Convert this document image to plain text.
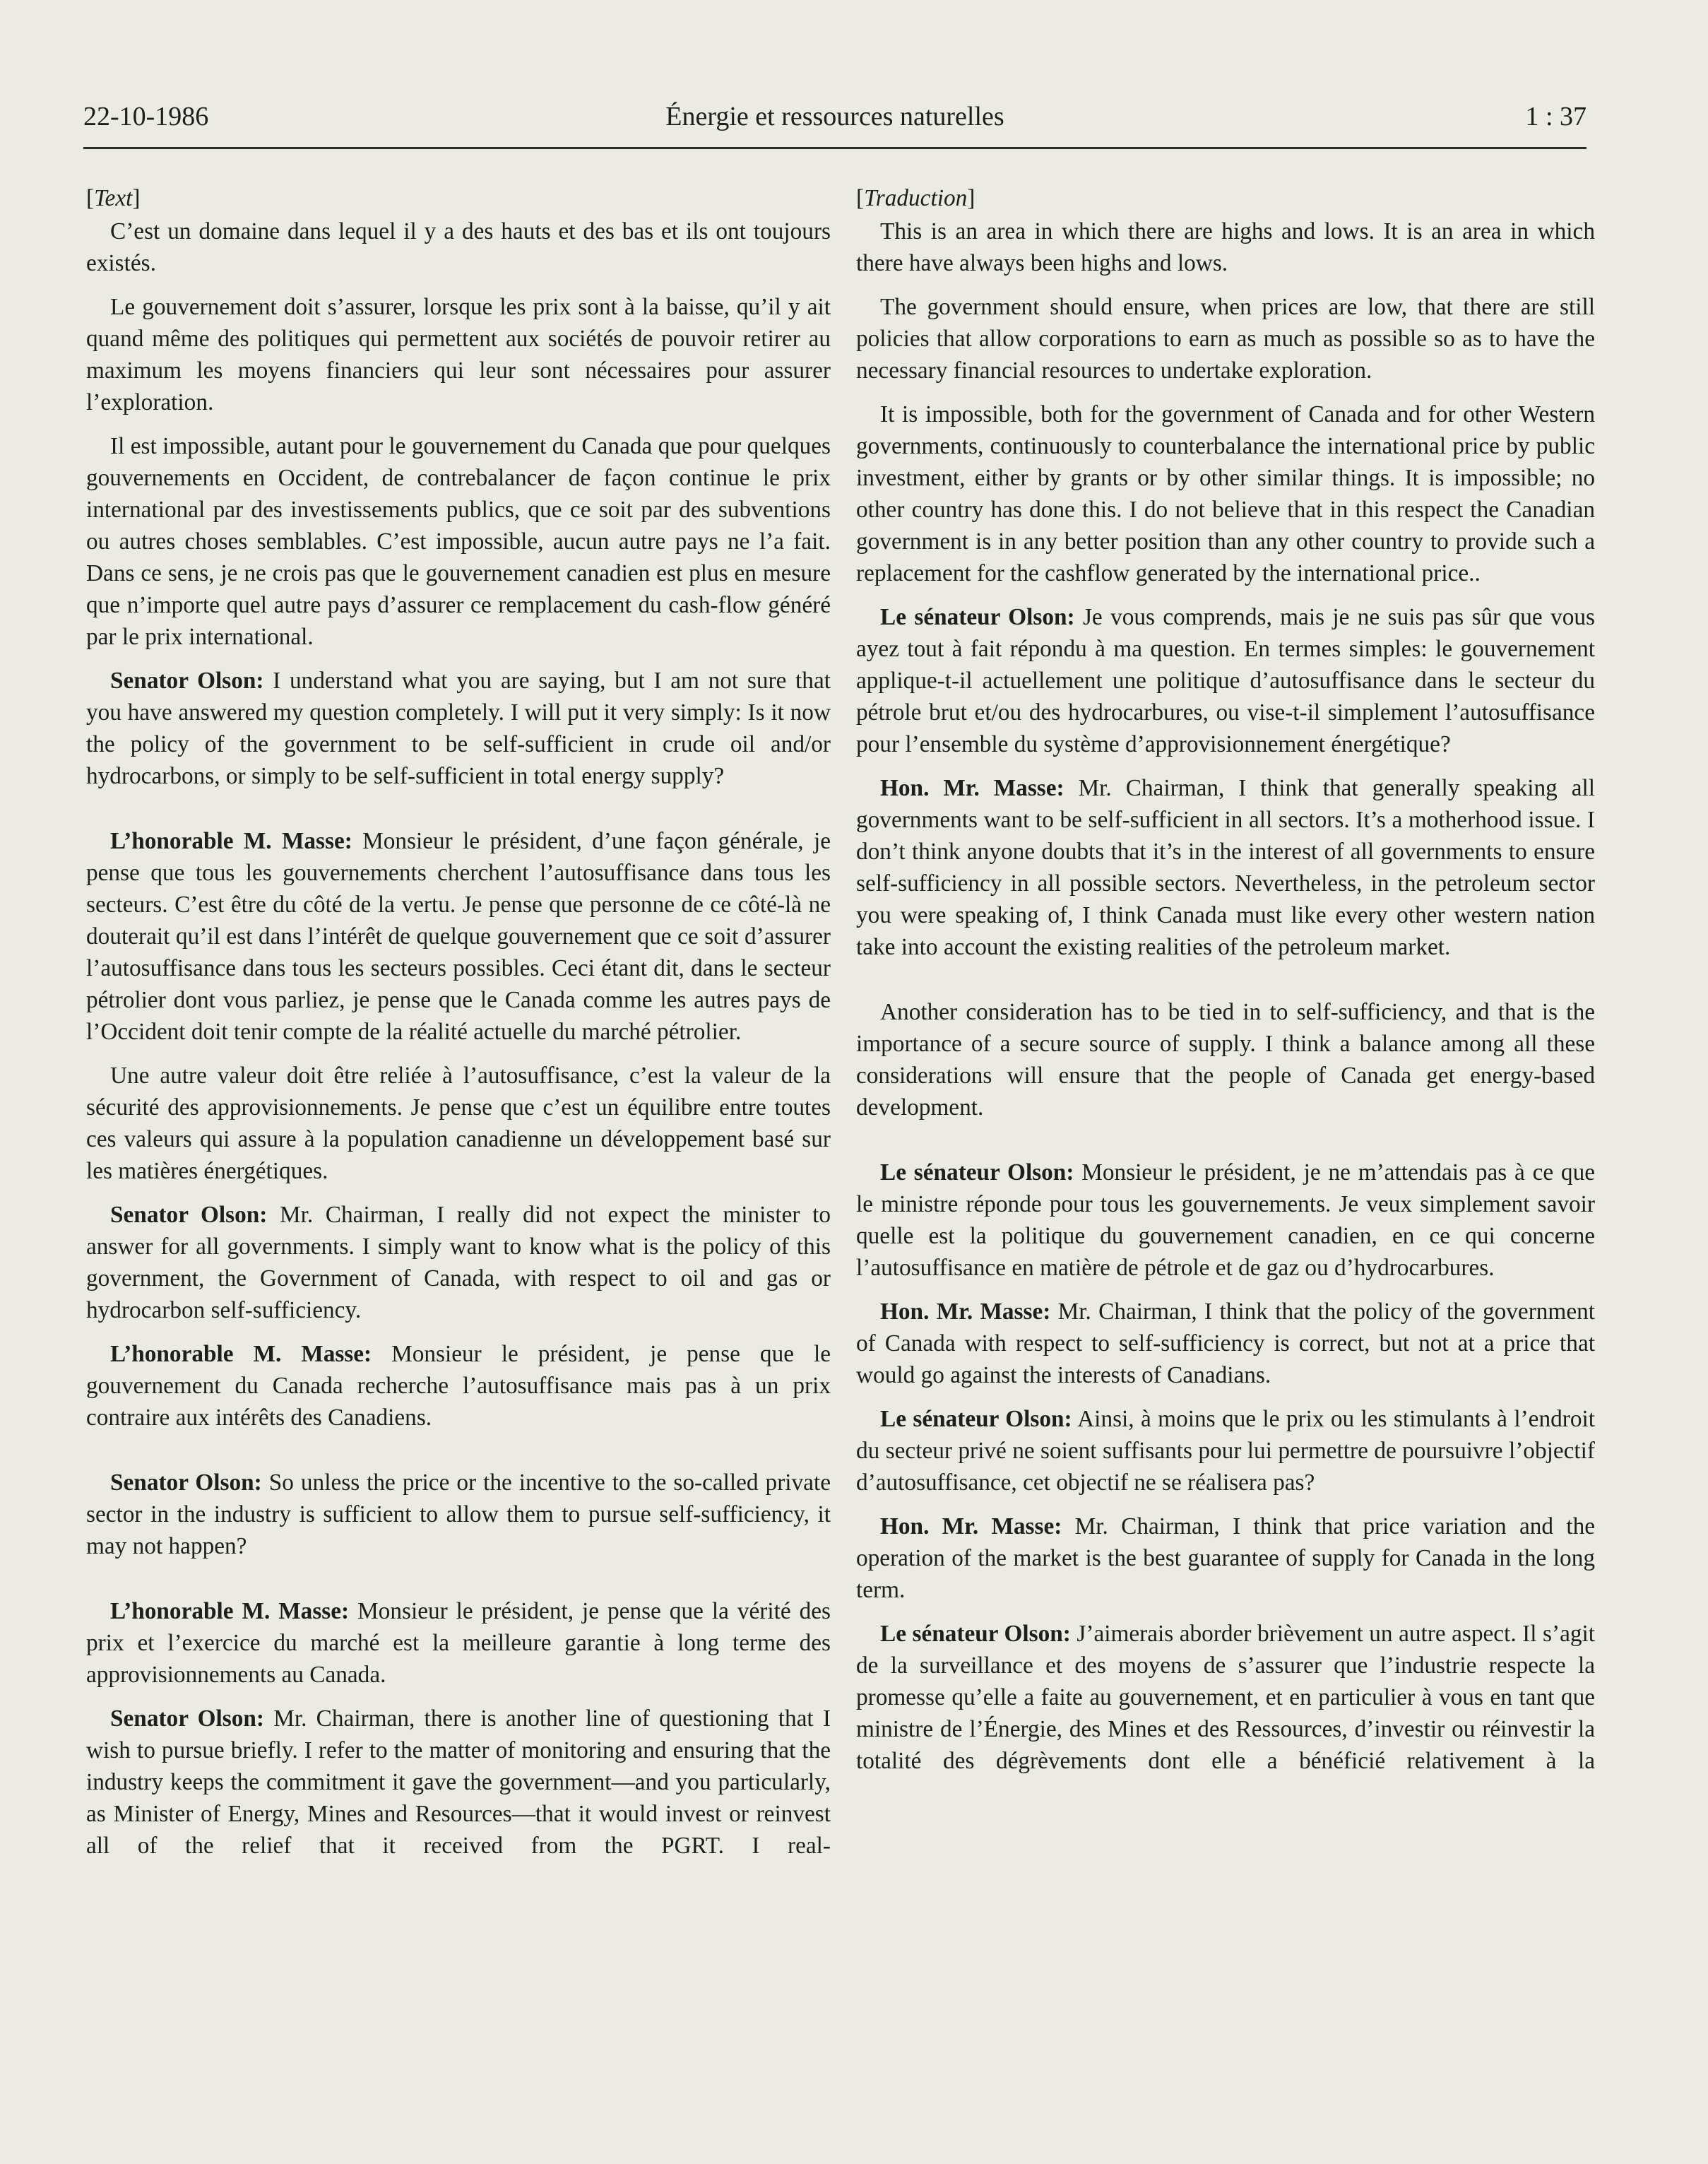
22-10-1986	Énergie et ressources naturelles	1 : 37

[Text]

C’est un domaine dans lequel il y a des hauts et des bas et ils ont toujours existés.

Le gouvernement doit s’assurer, lorsque les prix sont à la baisse, qu’il y ait quand même des politiques qui permettent aux sociétés de pouvoir retirer au maximum les moyens financiers qui leur sont nécessaires pour assurer l’exploration.

Il est impossible, autant pour le gouvernement du Canada que pour quelques gouvernements en Occident, de contrebalancer de façon continue le prix international par des investissements publics, que ce soit par des subventions ou autres choses semblables. C’est impossible, aucun autre pays ne l’a fait. Dans ce sens, je ne crois pas que le gouvernement canadien est plus en mesure que n’importe quel autre pays d’assurer ce remplacement du cash-flow généré par le prix international.

Senator Olson: I understand what you are saying, but I am not sure that you have answered my question completely. I will put it very simply: Is it now the policy of the government to be self-sufficient in crude oil and/or hydrocarbons, or simply to be self-sufficient in total energy supply?

L’honorable M. Masse: Monsieur le président, d’une façon générale, je pense que tous les gouvernements cherchent l’autosuffisance dans tous les secteurs. C’est être du côté de la vertu. Je pense que personne de ce côté-là ne douterait qu’il est dans l’intérêt de quelque gouvernement que ce soit d’assurer l’autosuffisance dans tous les secteurs possibles. Ceci étant dit, dans le secteur pétrolier dont vous parliez, je pense que le Canada comme les autres pays de l’Occident doit tenir compte de la réalité actuelle du marché pétrolier.

Une autre valeur doit être reliée à l’autosuffisance, c’est la valeur de la sécurité des approvisionnements. Je pense que c’est un équilibre entre toutes ces valeurs qui assure à la population canadienne un développement basé sur les matières énergétiques.

Senator Olson: Mr. Chairman, I really did not expect the minister to answer for all governments. I simply want to know what is the policy of this government, the Government of Canada, with respect to oil and gas or hydrocarbon self-sufficiency.

L’honorable M. Masse: Monsieur le président, je pense que le gouvernement du Canada recherche l’autosuffisance mais pas à un prix contraire aux intérêts des Canadiens.

Senator Olson: So unless the price or the incentive to the so-called private sector in the industry is sufficient to allow them to pursue self-sufficiency, it may not happen?

L’honorable M. Masse: Monsieur le président, je pense que la vérité des prix et l’exercice du marché est la meilleure garantie à long terme des approvisionnements au Canada.

Senator Olson: Mr. Chairman, there is another line of questioning that I wish to pursue briefly. I refer to the matter of monitoring and ensuring that the industry keeps the commitment it gave the government—and you particularly, as Minister of Energy, Mines and Resources—that it would invest or reinvest all of the relief that it received from the PGRT. I real-

[Traduction]

This is an area in which there are highs and lows. It is an area in which there have always been highs and lows.

The government should ensure, when prices are low, that there are still policies that allow corporations to earn as much as possible so as to have the necessary financial resources to undertake exploration.

It is impossible, both for the government of Canada and for other Western governments, continuously to counterbalance the international price by public investment, either by grants or by other similar things. It is impossible; no other country has done this. I do not believe that in this respect the Canadian government is in any better position than any other country to provide such a replacement for the cashflow generated by the international price..

Le sénateur Olson: Je vous comprends, mais je ne suis pas sûr que vous ayez tout à fait répondu à ma question. En termes simples: le gouvernement applique-t-il actuellement une politique d’autosuffisance dans le secteur du pétrole brut et/ou des hydrocarbures, ou vise-t-il simplement l’autosuffisance pour l’ensemble du système d’approvisionnement énergétique?

Hon. Mr. Masse: Mr. Chairman, I think that generally speaking all governments want to be self-sufficient in all sectors. It’s a motherhood issue. I don’t think anyone doubts that it’s in the interest of all governments to ensure self-sufficiency in all possible sectors. Nevertheless, in the petroleum sector you were speaking of, I think Canada must like every other western nation take into account the existing realities of the petroleum market.

Another consideration has to be tied in to self-sufficiency, and that is the importance of a secure source of supply. I think a balance among all these considerations will ensure that the people of Canada get energy-based development.

Le sénateur Olson: Monsieur le président, je ne m’attendais pas à ce que le ministre réponde pour tous les gouvernements. Je veux simplement savoir quelle est la politique du gouvernement canadien, en ce qui concerne l’autosuffisance en matière de pétrole et de gaz ou d’hydrocarbures.

Hon. Mr. Masse: Mr. Chairman, I think that the policy of the government of Canada with respect to self-sufficiency is correct, but not at a price that would go against the interests of Canadians.

Le sénateur Olson: Ainsi, à moins que le prix ou les stimulants à l’endroit du secteur privé ne soient suffisants pour lui permettre de poursuivre l’objectif d’autosuffisance, cet objectif ne se réalisera pas?

Hon. Mr. Masse: Mr. Chairman, I think that price variation and the operation of the market is the best guarantee of supply for Canada in the long term.

Le sénateur Olson: J’aimerais aborder brièvement un autre aspect. Il s’agit de la surveillance et des moyens de s’assurer que l’industrie respecte la promesse qu’elle a faite au gouvernement, et en particulier à vous en tant que ministre de l’Énergie, des Mines et des Ressources, d’investir ou réinvestir la totalité des dégrèvements dont elle a bénéficié relativement à la
